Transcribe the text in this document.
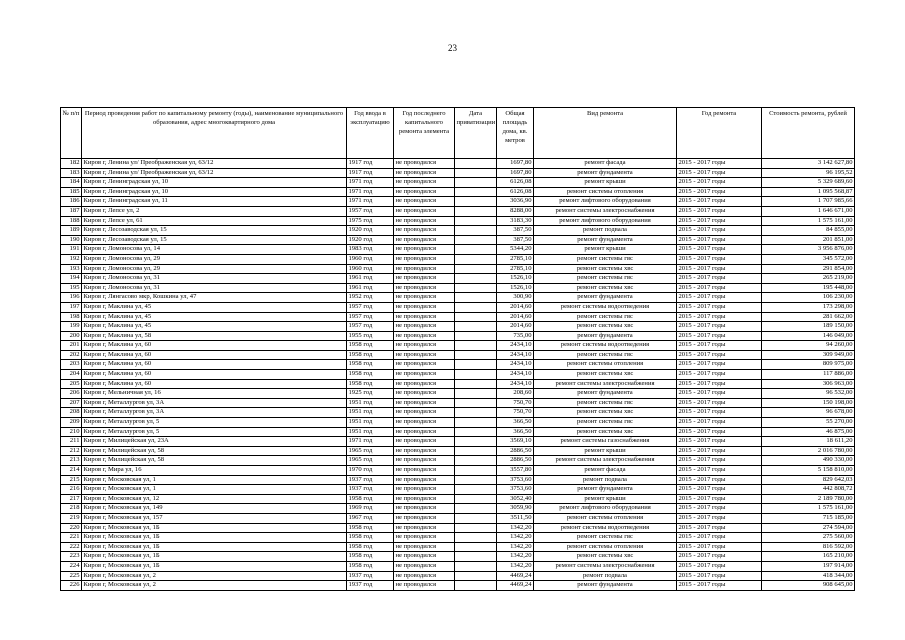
23
№ п/п	Период проведения работ по капитальному ремонту (годы), наименование муниципального образования, адрес многоквартирного дома	Год ввода в эксплуатацию	Год последнего капитального ремонта элемента	Дата приватизации	Общая площадь дома, кв. метров	Вид ремонта	Год ремонта	Стоимость ремонта, рублей
182	Киров г, Ленина ул/ Преображенская ул, 63/12	1917 год	не проводился		1697,80	ремонт фасада	2015 - 2017 годы	3 142 627,80
183	Киров г, Ленина ул/ Преображенская ул, 63/12	1917 год	не проводился		1697,80	ремонт фундамента	2015 - 2017 годы	96 195,52
184	Киров г, Ленинградская ул, 10	1971 год	не проводился		6126,08	ремонт крыши	2015 - 2017 годы	5 329 689,60
185	Киров г, Ленинградская ул, 10	1971 год	не проводился		6126,08	ремонт системы отопления	2015 - 2017 годы	1 095 568,87
186	Киров г, Ленинградская ул, 11	1971 год	не проводился		3036,90	ремонт лифтового оборудования	2015 - 2017 годы	1 707 985,66
187	Киров г, Лепсе ул, 2	1957 год	не проводился		8288,00	ремонт системы электроснабжения	2015 - 2017 годы	1 646 671,00
188	Киров г, Лепсе ул, 61	1975 год	не проводился		3183,30	ремонт лифтового оборудования	2015 - 2017 годы	1 575 161,00
189	Киров г, Лесозаводская ул, 15	1920 год	не проводился		387,50	ремонт подвала	2015 - 2017 годы	84 855,00
190	Киров г, Лесозаводская ул, 15	1920 год	не проводился		387,50	ремонт фундамента	2015 - 2017 годы	201 851,00
191	Киров г, Ломоносова ул, 14	1983 год	не проводился		5344,20	ремонт крыши	2015 - 2017 годы	3 956 876,00
192	Киров г, Ломоносова ул, 29	1960 год	не проводился		2785,10	ремонт системы гвс	2015 - 2017 годы	345 572,00
193	Киров г, Ломоносова ул, 29	1960 год	не проводился		2785,10	ремонт системы хвс	2015 - 2017 годы	291 854,00
194	Киров г, Ломоносова ул, 31	1961 год	не проводился		1526,10	ремонт системы гвс	2015 - 2017 годы	265 219,00
195	Киров г, Ломоносова ул, 31	1961 год	не проводился		1526,10	ремонт системы хвс	2015 - 2017 годы	195 448,00
196	Киров г, Лянгасово мкр, Кошкина ул, 47	1952 год	не проводился		300,90	ремонт фундамента	2015 - 2017 годы	106 230,00
197	Киров г, Маклина ул, 45	1957 год	не проводился		2014,60	ремонт системы водоотведения	2015 - 2017 годы	173 298,00
198	Киров г, Маклина ул, 45	1957 год	не проводился		2014,60	ремонт системы гвс	2015 - 2017 годы	281 662,00
199	Киров г, Маклина ул, 45	1957 год	не проводился		2014,60	ремонт системы хвс	2015 - 2017 годы	189 150,00
200	Киров г, Маклина ул, 58	1955 год	не проводился		735,00	ремонт фундамента	2015 - 2017 годы	146 049,00
201	Киров г, Маклина ул, 60	1958 год	не проводился		2434,10	ремонт системы водоотведения	2015 - 2017 годы	94 260,00
202	Киров г, Маклина ул, 60	1958 год	не проводился		2434,10	ремонт системы гвс	2015 - 2017 годы	309 949,00
203	Киров г, Маклина ул, 60	1958 год	не проводился		2434,10	ремонт системы отопления	2015 - 2017 годы	809 975,00
204	Киров г, Маклина ул, 60	1958 год	не проводился		2434,10	ремонт системы хвс	2015 - 2017 годы	117 886,00
205	Киров г, Маклина ул, 60	1958 год	не проводился		2434,10	ремонт системы электроснабжения	2015 - 2017 годы	306 963,00
206	Киров г, Мельничная ул, 16	1925 год	не проводился		208,60	ремонт фундамента	2015 - 2017 годы	96 532,00
207	Киров г, Металлургов ул, 3А	1951 год	не проводился		750,70	ремонт системы гвс	2015 - 2017 годы	150 198,00
208	Киров г, Металлургов ул, 3А	1951 год	не проводился		750,70	ремонт системы хвс	2015 - 2017 годы	96 678,00
209	Киров г, Металлургов ул, 5	1951 год	не проводился		366,50	ремонт системы гвс	2015 - 2017 годы	55 270,00
210	Киров г, Металлургов ул, 5	1951 год	не проводился		366,50	ремонт системы хвс	2015 - 2017 годы	46 875,00
211	Киров г, Милицейская ул, 23А	1971 год	не проводился		3569,10	ремонт системы газоснабжения	2015 - 2017 годы	18 611,20
212	Киров г, Милицейская ул, 58	1965 год	не проводился		2886,50	ремонт крыши	2015 - 2017 годы	2 016 780,00
213	Киров г, Милицейская ул, 58	1965 год	не проводился		2886,50	ремонт системы электроснабжения	2015 - 2017 годы	490 330,00
214	Киров г, Мира ул, 16	1970 год	не проводился		3557,80	ремонт фасада	2015 - 2017 годы	5 158 810,00
215	Киров г, Московская ул, 1	1937 год	не проводился		3753,60	ремонт подвала	2015 - 2017 годы	829 642,03
216	Киров г, Московская ул, 1	1937 год	не проводился		3753,60	ремонт фундамента	2015 - 2017 годы	442 808,72
217	Киров г, Московская ул, 12	1958 год	не проводился		3052,40	ремонт крыши	2015 - 2017 годы	2 189 780,00
218	Киров г, Московская ул, 149	1969 год	не проводился		3059,90	ремонт лифтового оборудования	2015 - 2017 годы	1 575 161,00
219	Киров г, Московская ул, 157	1967 год	не проводился		3511,50	ремонт системы отопления	2015 - 2017 годы	715 185,00
220	Киров г, Московская ул, 1Б	1958 год	не проводился		1342,20	ремонт системы водоотведения	2015 - 2017 годы	274 594,00
221	Киров г, Московская ул, 1Б	1958 год	не проводился		1342,20	ремонт системы гвс	2015 - 2017 годы	275 560,00
222	Киров г, Московская ул, 1Б	1958 год	не проводился		1342,20	ремонт системы отопления	2015 - 2017 годы	816 592,00
223	Киров г, Московская ул, 1Б	1958 год	не проводился		1342,20	ремонт системы хвс	2015 - 2017 годы	165 210,00
224	Киров г, Московская ул, 1Б	1958 год	не проводился		1342,20	ремонт системы электроснабжения	2015 - 2017 годы	197 914,00
225	Киров г, Московская ул, 2	1937 год	не проводился		4469,24	ремонт подвала	2015 - 2017 годы	418 344,00
226	Киров г, Московская ул, 2	1937 год	не проводился		4469,24	ремонт фундамента	2015 - 2017 годы	908 645,00
